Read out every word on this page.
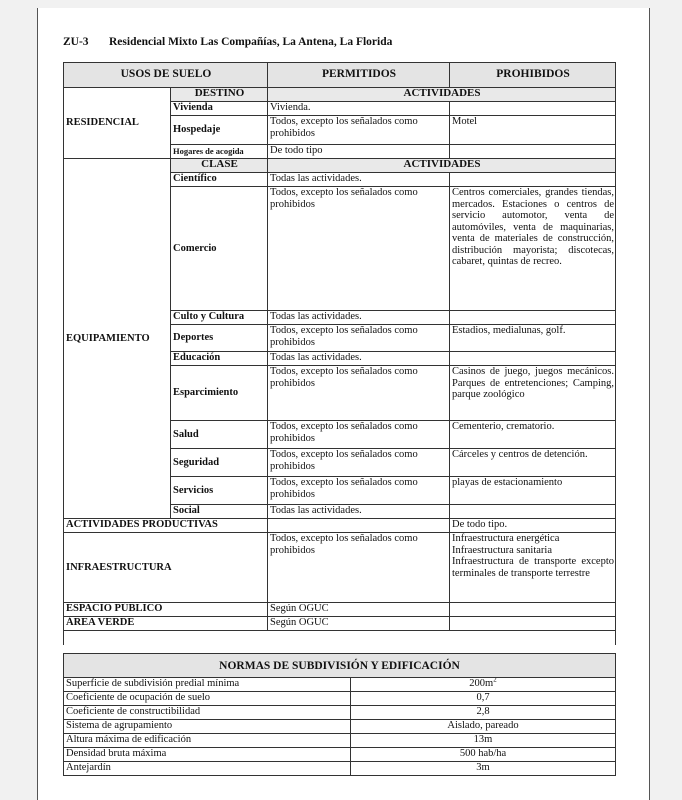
ZU-3 Residencial Mixto Las Compañías, La Antena, La Florida
USOS DE SUELO		PERMITIDOS	PROHIBIDOS
RESIDENCIAL	DESTINO	ACTIVIDADES	
	Vivienda	Vivienda.	
	Hospedaje	Todos, excepto los señalados como prohibidos	Motel
	Hogares de acogida	De todo tipo	
EQUIPAMIENTO	CLASE	ACTIVIDADES	
	Científico	Todas las actividades.	
	Comercio	Todos, excepto los señalados como prohibidos	Centros comerciales, grandes tiendas, mercados. Estaciones o centros de servicio automotor, venta de automóviles, venta de maquinarias, venta de materiales de construcción, distribución mayorista; discotecas, cabaret, quintas de recreo.
	Culto y Cultura	Todas las actividades.	
	Deportes	Todos, excepto los señalados como prohibidos	Estadios, medialunas, golf.
	Educación	Todas las actividades.	
	Esparcimiento	Todos, excepto los señalados como prohibidos	Casinos de juego, juegos mecánicos. Parques de entretenciones; Camping, parque zoológico
	Salud	Todos, excepto los señalados como prohibidos	Cementerio, crematorio.
	Seguridad	Todos, excepto los señalados como prohibidos	Cárceles y centros de detención.
	Servicios	Todos, excepto los señalados como prohibidos	playas de estacionamiento
	Social	Todas las actividades.	
ACTIVIDADES PRODUCTIVAS			De todo tipo.
INFRAESTRUCTURA		Todos, excepto los señalados como prohibidos	Infraestructura energética
Infraestructura sanitaria
Infraestructura de transporte excepto terminales de transporte terrestre

ESPACIO PÚBLICO		Según OGUC	
ÁREA VERDE		Según OGUC	

NORMAS DE SUBDIVISIÓN Y EDIFICACIÓN	
Superficie de subdivisión predial mínima	$200m^2$
Coeficiente de ocupación de suelo	0,7
Coeficiente de constructibilidad	2,8
Sistema de agrupamiento	Aislado, pareado
Altura máxima de edificación	13m
Densidad bruta máxima	500 hab/ha
Antejardín	3m
